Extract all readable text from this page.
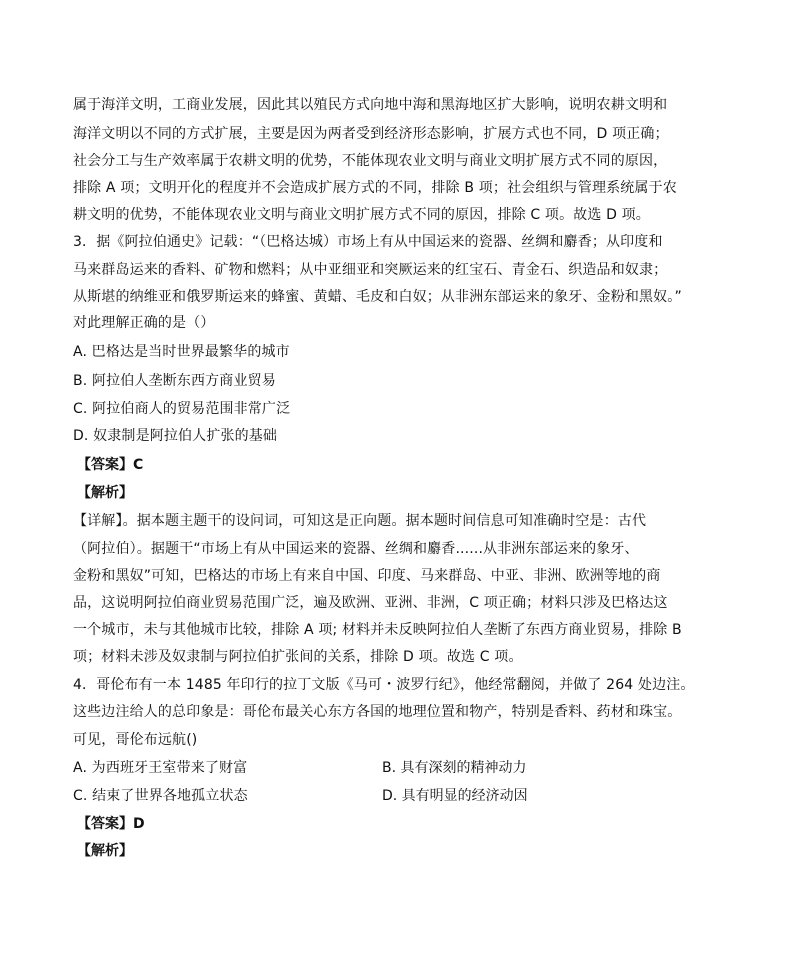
属于海洋文明，工商业发展，因此其以殖民方式向地中海和黑海地区扩大影响，说明农耕文明和
海洋文明以不同的方式扩展，主要是因为两者受到经济形态影响，扩展方式也不同，D 项正确；
社会分工与生产效率属于农耕文明的优势，不能体现农业文明与商业文明扩展方式不同的原因，
排除 A 项；文明开化的程度并不会造成扩展方式的不同，排除 B 项；社会组织与管理系统属于农
耕文明的优势，不能体现农业文明与商业文明扩展方式不同的原因，排除 C 项。故选 D 项。
3．据《阿拉伯通史》记载：“（巴格达城）市场上有从中国运来的瓷器、丝绸和麝香；从印度和
马来群岛运来的香料、矿物和燃料；从中亚细亚和突厥运来的红宝石、青金石、织造品和奴隶；
从斯堪的纳维亚和俄罗斯运来的蜂蜜、黄蜡、毛皮和白奴；从非洲东部运来的象牙、金粉和黑奴。”
对此理解正确的是（）
A. 巴格达是当时世界最繁华的城市
B. 阿拉伯人垄断东西方商业贸易
C. 阿拉伯商人的贸易范围非常广泛
D. 奴隶制是阿拉伯人扩张的基础
【答案】C
【解析】
【详解】。据本题主题干的设问词，可知这是正向题。据本题时间信息可知准确时空是：古代
（阿拉伯）。据题干“市场上有从中国运来的瓷器、丝绸和麝香......从非洲东部运来的象牙、
金粉和黑奴”可知，巴格达的市场上有来自中国、印度、马来群岛、中亚、非洲、欧洲等地的商
品，这说明阿拉伯商业贸易范围广泛，遍及欧洲、亚洲、非洲，C 项正确；材料只涉及巴格达这
一个城市，未与其他城市比较，排除 A 项; 材料并未反映阿拉伯人垄断了东西方商业贸易，排除 B
项；材料未涉及奴隶制与阿拉伯扩张间的关系，排除 D 项。故选 C 项。
4．哥伦布有一本 1485 年印行的拉丁文版《马可・波罗行纪》，他经常翻阅，并做了 264 处边注。
这些边注给人的总印象是：哥伦布最关心东方各国的地理位置和物产，特别是香料、药材和珠宝。
可见，哥伦布远航()
A. 为西班牙王室带来了财富	B. 具有深刻的精神动力
C. 结束了世界各地孤立状态	D. 具有明显的经济动因
【答案】D
【解析】
